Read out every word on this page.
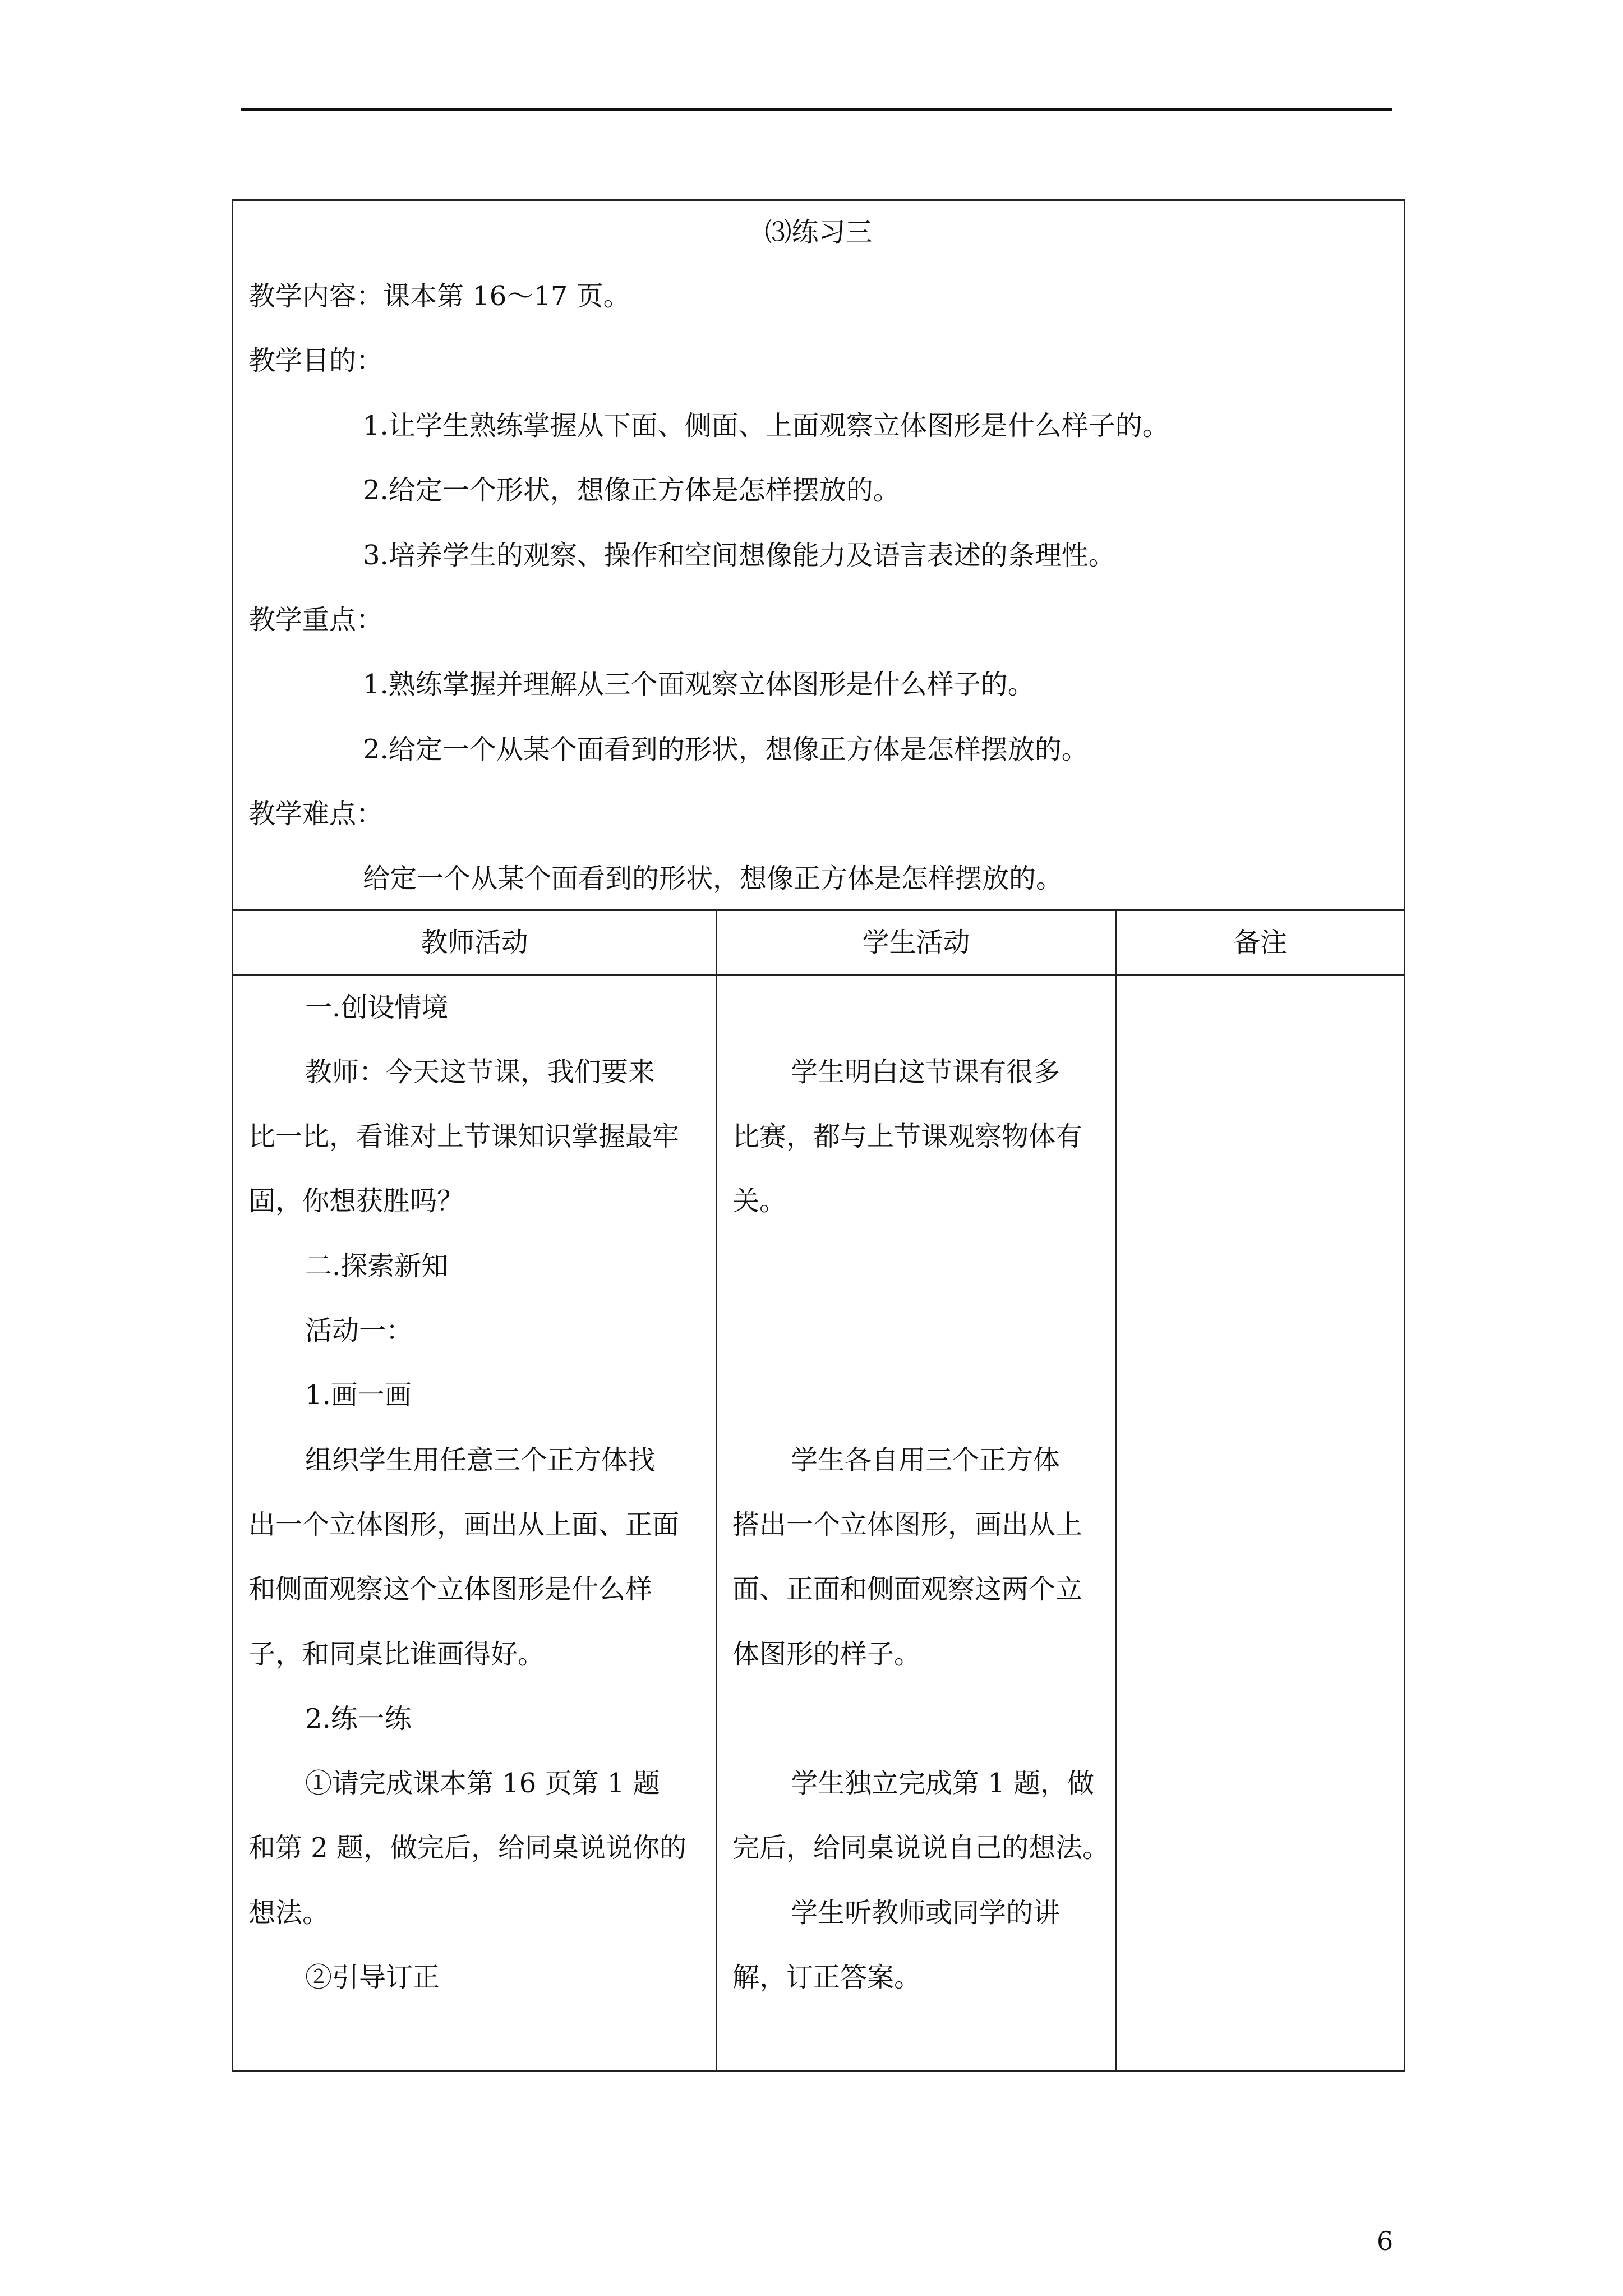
⑶练习三
教学内容：课本第 16～17 页。
教学目的：
1.让学生熟练掌握从下面、侧面、上面观察立体图形是什么样子的。
2.给定一个形状，想像正方体是怎样摆放的。
3.培养学生的观察、操作和空间想像能力及语言表述的条理性。
教学重点：
1.熟练掌握并理解从三个面观察立体图形是什么样子的。
2.给定一个从某个面看到的形状，想像正方体是怎样摆放的。
教学难点：
给定一个从某个面看到的形状，想像正方体是怎样摆放的。
教师活动	学生活动	备注
一.创设情境
教师：今天这节课，我们要来
比一比，看谁对上节课知识掌握最牢
固，你想获胜吗？
二.探索新知
活动一：
1.画一画
组织学生用任意三个正方体找
出一个立体图形，画出从上面、正面
和侧面观察这个立体图形是什么样
子，和同桌比谁画得好。
2.练一练
①请完成课本第 16 页第 1 题
和第 2 题，做完后，给同桌说说你的
想法。
②引导订正
学生明白这节课有很多
比赛，都与上节课观察物体有
关。
学生各自用三个正方体
搭出一个立体图形，画出从上
面、正面和侧面观察这两个立
体图形的样子。
学生独立完成第 1 题，做
完后，给同桌说说自己的想法。
学生听教师或同学的讲
解，订正答案。
6
